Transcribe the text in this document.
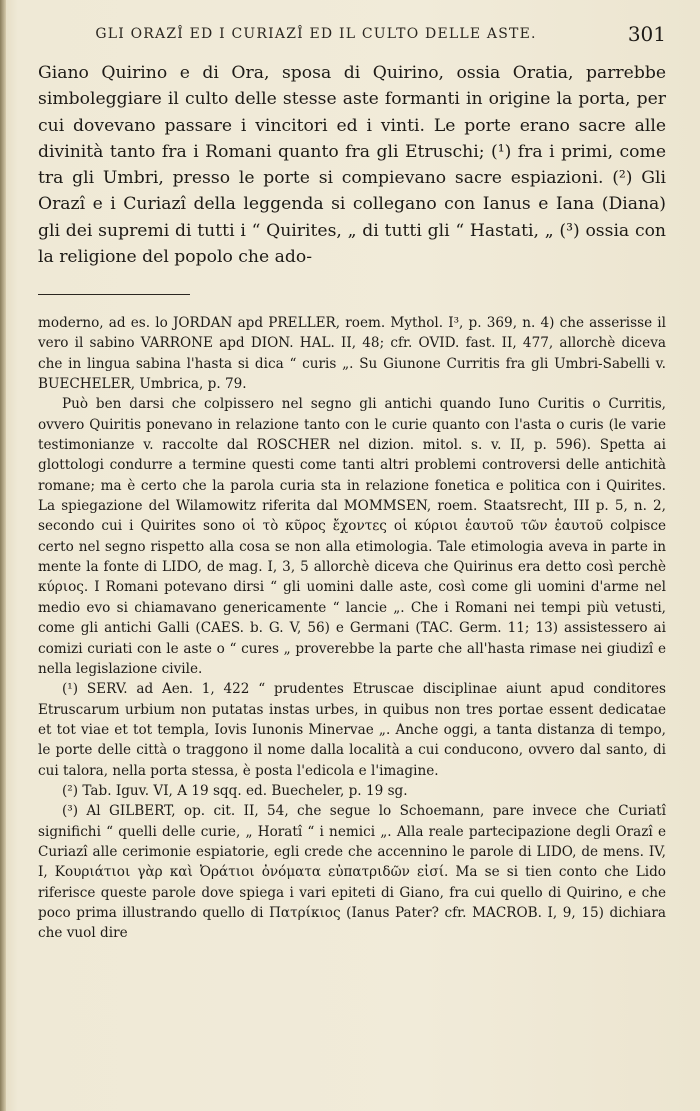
GLI ORAZÎ ED I CURIAZÎ ED IL CULTO DELLE ASTE.	301
Giano Quirino e di Ora, sposa di Quirino, ossia Oratia, parrebbe simboleggiare il culto delle stesse aste formanti in origine la porta, per cui dovevano passare i vincitori ed i vinti. Le porte erano sacre alle divinità tanto fra i Romani quanto fra gli Etruschi; (¹) fra i primi, come tra gli Umbri, presso le porte si compievano sacre espiazioni. (²) Gli Orazî e i Curiazî della leggenda si collegano con Ianus e Iana (Diana) gli dei supremi di tutti i “ Quirites, „ di tutti gli “ Hastati, „ (³) ossia con la religione del popolo che ado-

moderno, ad es. lo JORDAN apd PRELLER, roem. Mythol. I³, p. 369, n. 4) che asserisse il vero il sabino VARRONE apd DION. HAL. II, 48; cfr. OVID. fast. II, 477, allorchè diceva che in lingua sabina l'hasta si dica “ curis „. Su Giunone Curritis fra gli Umbri-Sabelli v. BUECHELER, Umbrica, p. 79.

Può ben darsi che colpissero nel segno gli antichi quando Iuno Curitis o Curritis, ovvero Quiritis ponevano in relazione tanto con le curie quanto con l'asta o curis (le varie testimonianze v. raccolte dal ROSCHER nel dizion. mitol. s. v. II, p. 596). Spetta ai glottologi condurre a termine questi come tanti altri problemi controversi delle antichità romane; ma è certo che la parola curia sta in relazione fonetica e politica con i Quirites. La spiegazione del Wilamowitz riferita dal MOMMSEN, roem. Staatsrecht, III p. 5, n. 2, secondo cui i Quirites sono οἱ τὸ κῦρος ἔχοντες οἱ κύριοι ἑαυτοῦ τῶν ἑαυτοῦ colpisce certo nel segno rispetto alla cosa se non alla etimologia. Tale etimologia aveva in parte in mente la fonte di LIDO, de mag. I, 3, 5 allorchè diceva che Quirinus era detto così perchè κύριος. I Romani potevano dirsi “ gli uomini dalle aste, così come gli uomini d'arme nel medio evo si chiamavano genericamente “ lancie „. Che i Romani nei tempi più vetusti, come gli antichi Galli (CAES. b. G. V, 56) e Germani (TAC. Germ. 11; 13) assistessero ai comizi curiati con le aste o “ cures „ proverebbe la parte che all'hasta rimase nei giudizî e nella legislazione civile.

(¹) SERV. ad Aen. 1, 422 “ prudentes Etruscae disciplinae aiunt apud conditores Etruscarum urbium non putatas instas urbes, in quibus non tres portae essent dedicatae et tot viae et tot templa, Iovis Iunonis Minervae „. Anche oggi, a tanta distanza di tempo, le porte delle città o traggono il nome dalla località a cui conducono, ovvero dal santo, di cui talora, nella porta stessa, è posta l'edicola e l'imagine.

(²) Tab. Iguv. VI, A 19 sqq. ed. Buecheler, p. 19 sg.

(³) Al GILBERT, op. cit. II, 54, che segue lo Schoemann, pare invece che Curiatî significhi “ quelli delle curie, „ Horatî “ i nemici „. Alla reale partecipazione degli Orazî e Curiazî alle cerimonie espiatorie, egli crede che accennino le parole di LIDO, de mens. IV, I, Κουριάτιοι γὰρ καὶ Ὀράτιοι ὀνόματα εὐπατριδῶν εἰσί. Ma se si tien conto che Lido riferisce queste parole dove spiega i vari epiteti di Giano, fra cui quello di Quirino, e che poco prima illustrando quello di Πατρίκιος (Ianus Pater? cfr. MACROB. I, 9, 15) dichiara che vuol dire
